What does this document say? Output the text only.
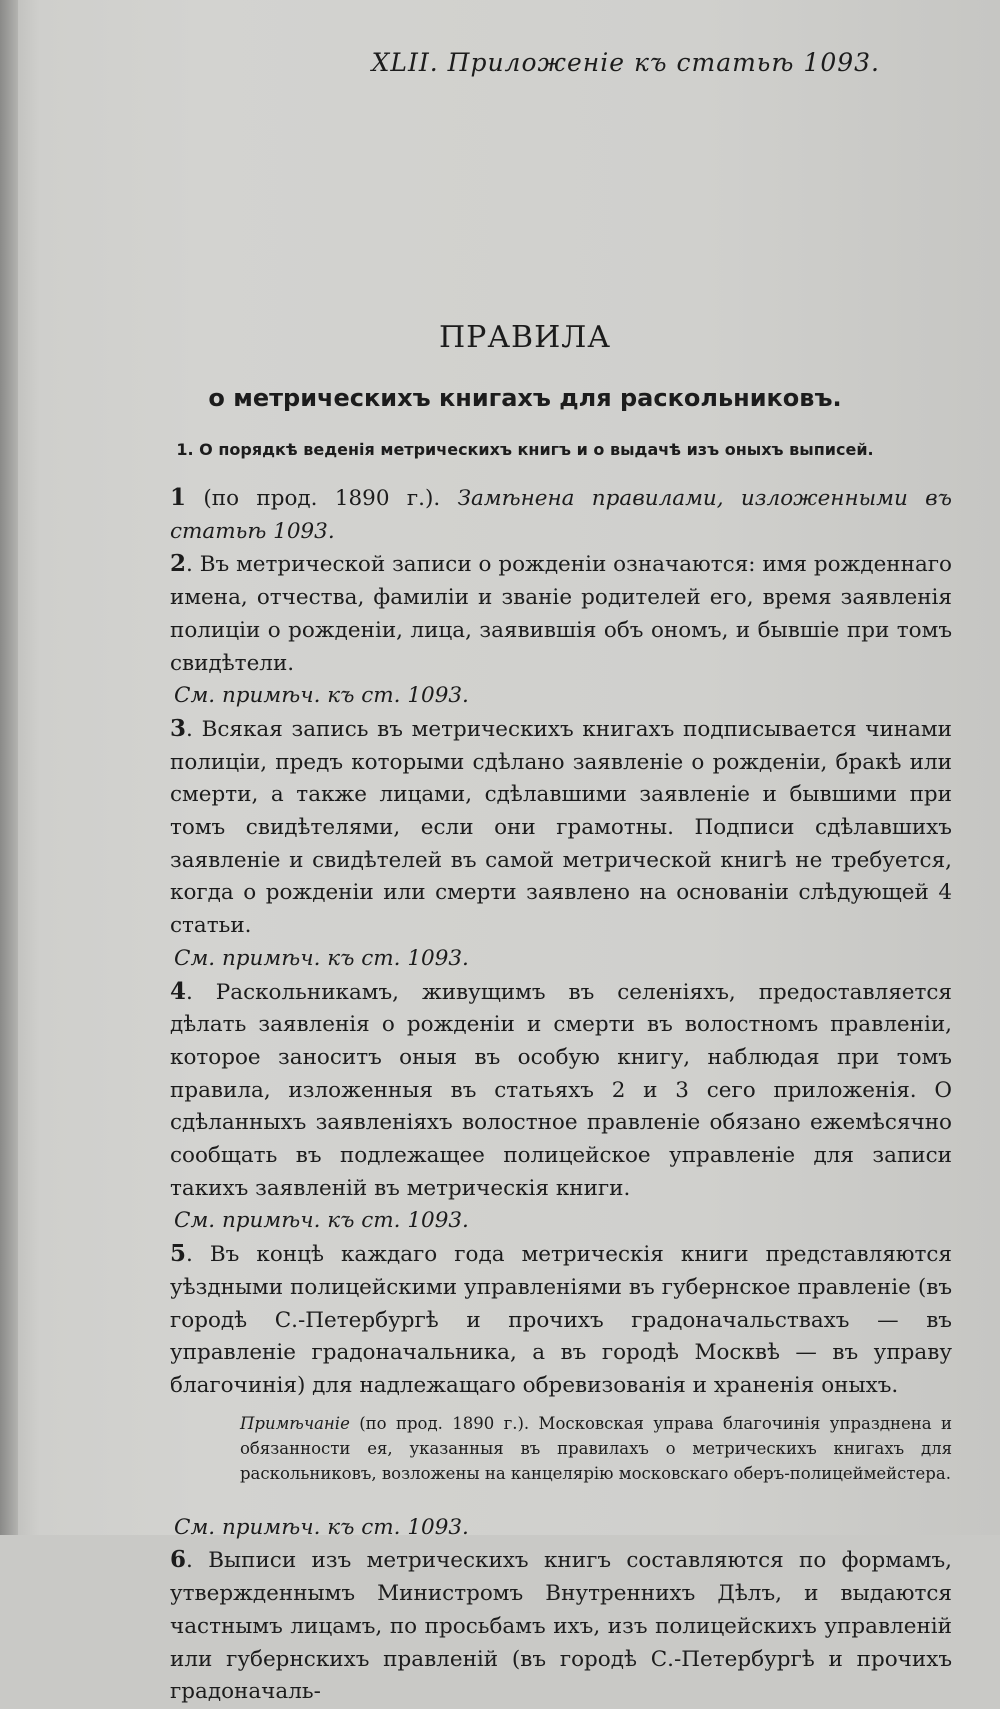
XLII. Приложеніе къ статьѣ 1093.
ПРАВИЛА
о метрическихъ книгахъ для раскольниковъ.
1. О порядкѣ веденія метрическихъ книгъ и о выдачѣ изъ оныхъ выписей.

1 (по прод. 1890 г.). Замѣнена правилами, изложенными въ статьѣ 1093.

2. Въ метрической записи о рожденіи означаются: имя рожденнаго имена, отчества, фамиліи и званіе родителей его, время заявленія полиціи о рожденіи, лица, заявившія объ ономъ, и бывшіе при томъ свидѣтели.

См. примѣч. къ ст. 1093.

3. Всякая запись въ метрическихъ книгахъ подписывается чинами полиціи, предъ которыми сдѣлано заявленіе о рожденіи, бракѣ или смерти, а также лицами, сдѣлавшими заявленіе и бывшими при томъ свидѣтелями, если они грамотны. Подписи сдѣлавшихъ заявленіе и свидѣтелей въ самой метрической книгѣ не требуется, когда о рожденіи или смерти заявлено на основаніи слѣдующей 4 статьи.

См. примѣч. къ ст. 1093.

4. Раскольникамъ, живущимъ въ селеніяхъ, предоставляется дѣлать заявленія о рожденіи и смерти въ волостномъ правленіи, которое заноситъ оныя въ особую книгу, наблюдая при томъ правила, изложенныя въ статьяхъ 2 и 3 сего приложенія. О сдѣланныхъ заявленіяхъ волостное правленіе обязано ежемѣсячно сообщать въ подлежащее полицейское управленіе для записи такихъ заявленій въ метрическія книги.

См. примѣч. къ ст. 1093.

5. Въ концѣ каждаго года метрическія книги представляются уѣздными полицейскими управленіями въ губернское правленіе (въ городѣ С.-Петербургѣ и прочихъ градоначальствахъ — въ управленіе градоначальника, а въ городѣ Москвѣ — въ управу благочинія) для надлежащаго обревизованія и храненія оныхъ.

Примѣчаніе (по прод. 1890 г.). Московская управа благочинія упразднена и обязанности ея, указанныя въ правилахъ о метрическихъ книгахъ для раскольниковъ, возложены на канцелярію московскаго оберъ-полицеймейстера.

См. примѣч. къ ст. 1093.

6. Выписи изъ метрическихъ книгъ составляются по формамъ, утвержденнымъ Министромъ Внутреннихъ Дѣлъ, и выдаются частнымъ лицамъ, по просьбамъ ихъ, изъ полицейскихъ управленій или губернскихъ правленій (въ городѣ С.-Петербургѣ и прочихъ градоначаль-
